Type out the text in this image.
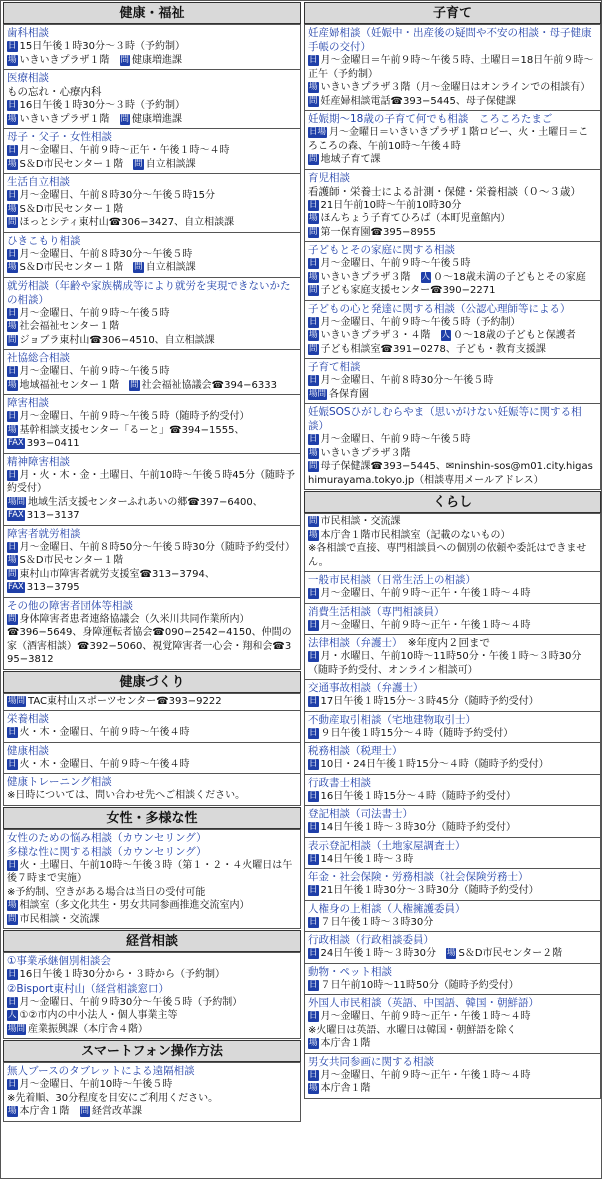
健康・福祉
歯科相談
日 15日午後１時30分〜３時（予約制）
場 いきいきプラザ１階　 問 健康増進課
医療相談
もの忘れ・心療内科
日 16日午後１時30分〜３時（予約制）
場 いきいきプラザ１階　 問 健康増進課
母子・父子・女性相談
日 月〜金曜日、午前９時〜正午・午後１時〜４時
場 S＆D市民センター１階　 問 自立相談課
生活自立相談
日 月〜金曜日、午前８時30分〜午後５時15分
場 S＆D市民センター１階
問 ほっとシティ東村山☎306−3427、自立相談課
ひきこもり相談
日 月〜金曜日、午前８時30分〜午後５時
場 S＆D市民センター１階　 問 自立相談課
就労相談（年齢や家族構成等により就労を実現できないかたの相談）
日 月〜金曜日、午前９時〜午後５時
場 社会福祉センター１階
問 ジョブラ東村山☎306−4510、自立相談課
社協総合相談
日 月〜金曜日、午前９時〜午後５時
場 地域福祉センター１階　 問 社会福祉協議会☎394−6333
障害相談
日 月〜金曜日、午前９時〜午後５時（随時予約受付）
場 基幹相談支援センター「るーと」☎394−1555、
FAX 393−0411
精神障害相談
日 月・火・木・金・土曜日、午前10時〜午後５時45分（随時予約受付）
場問 地域生活支援センターふれあいの郷☎397−6400、
FAX 313−3137
障害者就労相談
日 月〜金曜日、午前８時50分〜午後５時30分（随時予約受付）
場 S＆D市民センター１階
問 東村山市障害者就労支援室☎313−3794、
FAX 313−3795
その他の障害者団体等相談
問 身体障害者患者連絡協議会（久米川共同作業所内）
☎396−5649、身障運転者協会☎090−2542−4150、仲間の家（酒害相談）☎392−5060、視覚障害者一心会・翔和会☎395−3812
健康づくり
場問 TAC東村山スポーツセンター☎393−9222
栄養相談
日 火・木・金曜日、午前９時〜午後４時
健康相談
日 火・木・金曜日、午前９時〜午後４時
健康トレーニング相談
※日時については、問い合わせ先へご相談ください。
女性・多様な性
女性のための悩み相談（カウンセリング）
多様な性に関する相談（カウンセリング）
日 火・土曜日、午前10時〜午後３時（第１・２・４火曜日は午後７時まで実施）
※予約制、空きがある場合は当日の受付可能
場 相談室（多文化共生・男女共同参画推進交流室内）
問 市民相談・交流課
経営相談
①事業承継個別相談会
日 16日午後１時30分から・３時から（予約制）
②Bisport東村山（経営相談窓口）
日 月〜金曜日、午前９時30分〜午後５時（予約制）
人 ①②市内の中小法人・個人事業主等
場問 産業振興課（本庁舎４階）
スマートフォン操作方法
無人ブースのタブレットによる遠隔相談
日 月〜金曜日、午前10時〜午後５時
※先着順、30分程度を目安にご利用ください。
場 本庁舎１階　 問 経営改革課
子育て
妊産婦相談（妊娠中・出産後の疑問や不安の相談・母子健康手帳の交付）
日 月〜金曜日＝午前９時〜午後５時、土曜日＝18日午前９時〜正午（予約制）
場 いきいきプラザ３階（月〜金曜日はオンラインでの相談有）
問 妊産婦相談電話☎393−5445、母子保健課
妊娠期〜18歳の子育て何でも相談　ころころたまご
日場 月〜金曜日＝いきいきプラザ１階ロビー、火・土曜日＝ころころの森、午前10時〜午後４時
問 地域子育て課
育児相談
看護師・栄養士による計測・保健・栄養相談（０〜３歳）
日 21日午前10時〜午前10時30分
場 ほんちょう子育てひろば（本町児童館内）
問 第一保育園☎395−8955
子どもとその家庭に関する相談
日 月〜金曜日、午前９時〜午後５時
場 いきいきプラザ３階　 人 ０〜18歳未満の子どもとその家庭
問 子ども家庭支援センター☎390−2271
子どもの心と発達に関する相談（公認心理師等による）
日 月〜金曜日、午前９時〜午後５時（予約制）
場 いきいきプラザ３・４階　 人 ０〜18歳の子どもと保護者
問 子ども相談室☎391−0278、子ども・教育支援課
子育て相談
日 月〜金曜日、午前８時30分〜午後５時
場問 各保育園
妊娠SOSひがしむらやま（思いがけない妊娠等に関する相談）
日 月〜金曜日、午前９時〜午後５時
場 いきいきプラザ３階
問 母子保健課☎393−5445、✉ninshin-sos@m01.city.higashimurayama.tokyo.jp（相談専用メールアドレス）
くらし
問 市民相談・交流課
場 本庁舎１階市民相談室（記載のないもの）
※各相談で直接、専門相談員への個別の依頼や委託はできません。
一般市民相談（日常生活上の相談）
日 月〜金曜日、午前９時〜正午・午後１時〜４時
消費生活相談（専門相談員）
日 月〜金曜日、午前９時〜正午・午後１時〜４時
法律相談（弁護士）　 ※年度内２回まで
日 月・水曜日、午前10時〜11時50分・午後１時〜３時30分（随時予約受付、オンライン相談可）
交通事故相談（弁護士）
日 17日午後１時15分〜３時45分（随時予約受付）
不動産取引相談（宅地建物取引士）
日 ９日午後１時15分〜４時（随時予約受付）
税務相談（税理士）
日 10日・24日午後１時15分〜４時（随時予約受付）
行政書士相談
日 16日午後１時15分〜４時（随時予約受付）
登記相談（司法書士）
日 14日午後１時〜３時30分（随時予約受付）
表示登記相談（土地家屋調査士）
日 14日午後１時〜３時
年金・社会保険・労務相談（社会保険労務士）
日 21日午後１時30分〜３時30分（随時予約受付）
人権身の上相談（人権擁護委員）
日 ７日午後１時〜３時30分
行政相談（行政相談委員）
日 24日午後１時〜３時30分　 場 S＆D市民センター２階
動物・ペット相談
日 ７日午前10時〜11時50分（随時予約受付）
外国人市民相談（英語、中国語、韓国・朝鮮語）
日 月〜金曜日、午前９時〜正午・午後１時〜４時
※火曜日は英語、水曜日は韓国・朝鮮語を除く
場 本庁舎１階
男女共同参画に関する相談
日 月〜金曜日、午前９時〜正午・午後１時〜４時
場 本庁舎１階
